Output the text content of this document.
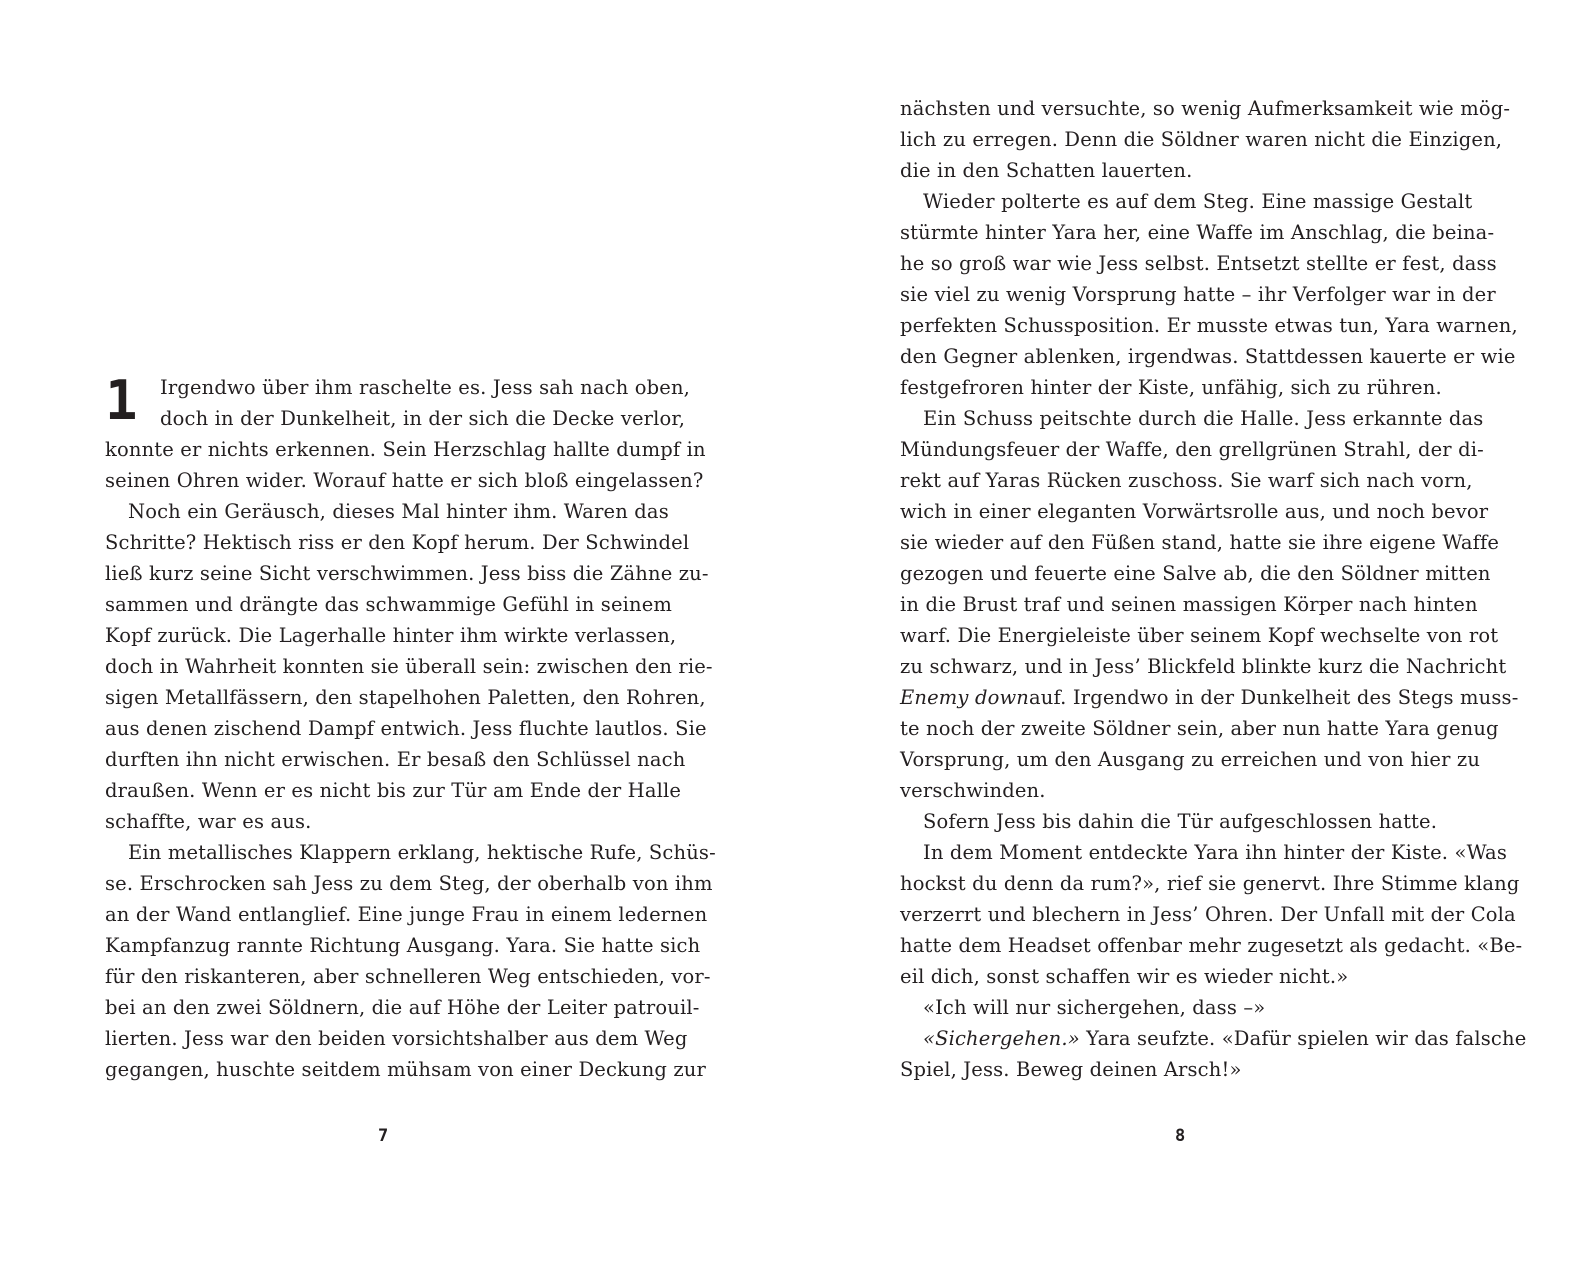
1 Irgendwo über ihm raschelte es. Jess sah nach oben,
doch in der Dunkelheit, in der sich die Decke verlor,
konnte er nichts erkennen. Sein Herzschlag hallte dumpf in
seinen Ohren wider. Worauf hatte er sich bloß eingelassen?
Noch ein Geräusch, dieses Mal hinter ihm. Waren das
Schritte? Hektisch riss er den Kopf herum. Der Schwindel
ließ kurz seine Sicht verschwimmen. Jess biss die Zähne zu-
sammen und drängte das schwammige Gefühl in seinem
Kopf zurück. Die Lagerhalle hinter ihm wirkte verlassen,
doch in Wahrheit konnten sie überall sein: zwischen den rie-
sigen Metallfässern, den stapelhohen Paletten, den Rohren,
aus denen zischend Dampf entwich. Jess fluchte lautlos. Sie
durften ihn nicht erwischen. Er besaß den Schlüssel nach
draußen. Wenn er es nicht bis zur Tür am Ende der Halle
schaffte, war es aus.
Ein metallisches Klappern erklang, hektische Rufe, Schüs-
se. Erschrocken sah Jess zu dem Steg, der oberhalb von ihm
an der Wand entlanglief. Eine junge Frau in einem ledernen
Kampfanzug rannte Richtung Ausgang. Yara. Sie hatte sich
für den riskanteren, aber schnelleren Weg entschieden, vor-
bei an den zwei Söldnern, die auf Höhe der Leiter patrouil-
lierten. Jess war den beiden vorsichtshalber aus dem Weg
gegangen, huschte seitdem mühsam von einer Deckung zur
7
nächsten und versuchte, so wenig Aufmerksamkeit wie mög-
lich zu erregen. Denn die Söldner waren nicht die Einzigen,
die in den Schatten lauerten.
Wieder polterte es auf dem Steg. Eine massige Gestalt
stürmte hinter Yara her, eine Waffe im Anschlag, die beina-
he so groß war wie Jess selbst. Entsetzt stellte er fest, dass
sie viel zu wenig Vorsprung hatte – ihr Verfolger war in der
perfekten Schussposition. Er musste etwas tun, Yara warnen,
den Gegner ablenken, irgendwas. Stattdessen kauerte er wie
festgefroren hinter der Kiste, unfähig, sich zu rühren.
Ein Schuss peitschte durch die Halle. Jess erkannte das
Mündungsfeuer der Waffe, den grellgrünen Strahl, der di-
rekt auf Yaras Rücken zuschoss. Sie warf sich nach vorn,
wich in einer eleganten Vorwärtsrolle aus, und noch bevor
sie wieder auf den Füßen stand, hatte sie ihre eigene Waffe
gezogen und feuerte eine Salve ab, die den Söldner mitten
in die Brust traf und seinen massigen Körper nach hinten
warf. Die Energieleiste über seinem Kopf wechselte von rot
zu schwarz, und in Jess’ Blickfeld blinkte kurz die Nachricht
Enemy downauf. Irgendwo in der Dunkelheit des Stegs muss-
te noch der zweite Söldner sein, aber nun hatte Yara genug
Vorsprung, um den Ausgang zu erreichen und von hier zu
verschwinden.
Sofern Jess bis dahin die Tür aufgeschlossen hatte.
In dem Moment entdeckte Yara ihn hinter der Kiste. «Was
hockst du denn da rum?», rief sie genervt. Ihre Stimme klang
verzerrt und blechern in Jess’ Ohren. Der Unfall mit der Cola
hatte dem Headset offenbar mehr zugesetzt als gedacht. «Be-
eil dich, sonst schaffen wir es wieder nicht.»
«Ich will nur sichergehen, dass –»
«Sichergehen.» Yara seufzte. «Dafür spielen wir das falsche
Spiel, Jess. Beweg deinen Arsch!»
8
